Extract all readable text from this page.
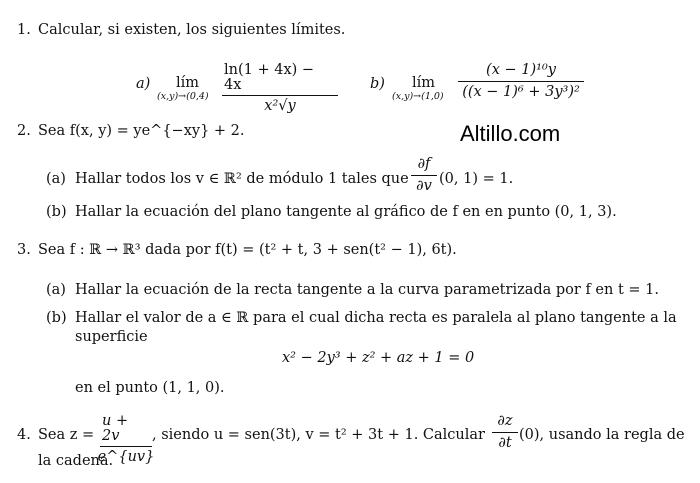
1. Calcular, si existen, los siguientes límites.
a) lím
(x,y)→(0,4)
ln(1 + 4x) − 4x
x²√y
b) lím
(x,y)→(1,0)
(x − 1)¹⁰y
((x − 1)⁶ + 3y³)²
2. Sea f(x, y) = ye^{−xy} + 2.	Altillo.com
(a) Hallar todos los v ∈ ℝ² de módulo 1 tales que
∂f
∂v (0, 1) = 1.
(b) Hallar la ecuación del plano tangente al gráfico de f en en punto (0, 1, 3).
3. Sea f : ℝ → ℝ³ dada por f(t) = (t² + t, 3 + sen(t² − 1), 6t).
(a) Hallar la ecuación de la recta tangente a la curva parametrizada por f en t = 1.
(b) Hallar el valor de a ∈ ℝ para el cual dicha recta es paralela al plano tangente a la
superficie
x² − 2y³ + z² + az + 1 = 0
en el punto (1, 1, 0).
4. Sea z =
u + 2v
e^{uv}
, siendo u = sen(3t), v = t² + 3t + 1. Calcular
∂z
∂t (0), usando la regla de
la cadena.
